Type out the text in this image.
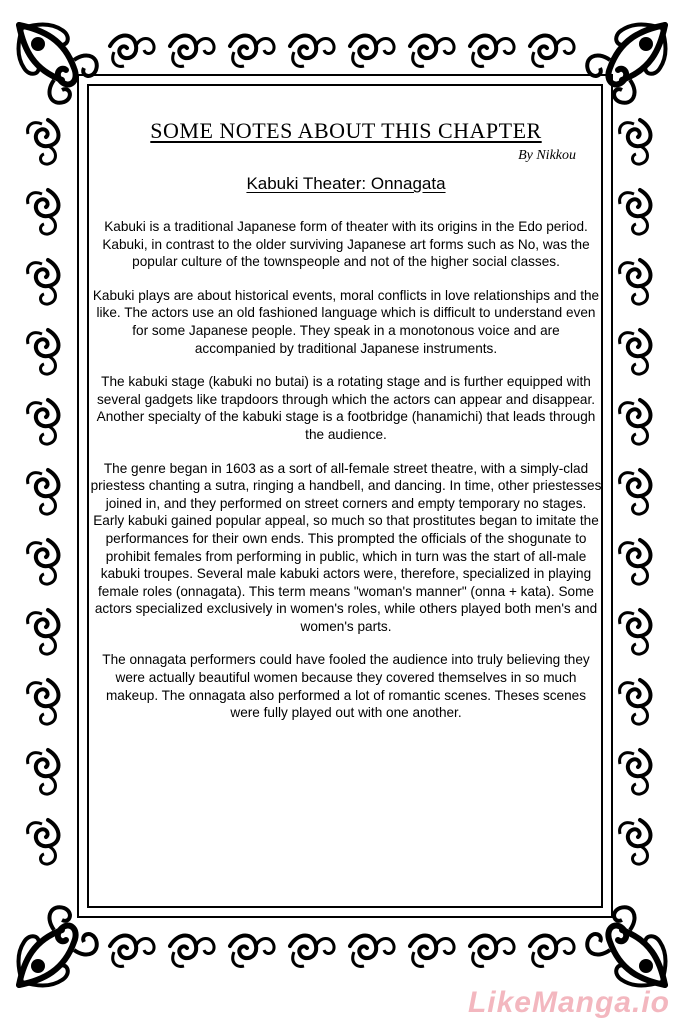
SOME NOTES ABOUT THIS CHAPTER
By Nikkou
Kabuki Theater: Onnagata

Kabuki is a traditional Japanese form of theater with its origins in the Edo period. Kabuki, in contrast to the older surviving Japanese art forms such as No, was the popular culture of the townspeople and not of the higher social classes.

Kabuki plays are about historical events, moral conflicts in love relationships and the like. The actors use an old fashioned language which is difficult to understand even for some Japanese people. They speak in a monotonous voice and are accompanied by traditional Japanese instruments.

The kabuki stage (kabuki no butai) is a rotating stage and is further equipped with several gadgets like trapdoors through which the actors can appear and disappear. Another specialty of the kabuki stage is a footbridge (hanamichi) that leads through the audience.

The genre began in 1603 as a sort of all-female street theatre, with a simply-clad priestess chanting a sutra, ringing a handbell, and dancing. In time, other priestesses joined in, and they performed on street corners and empty temporary no stages. Early kabuki gained popular appeal, so much so that prostitutes began to imitate the performances for their own ends. This prompted the officials of the shogunate to prohibit females from performing in public, which in turn was the start of all-male kabuki troupes. Several male kabuki actors were, therefore, specialized in playing female roles (onnagata). This term means "woman's manner" (onna + kata). Some actors specialized exclusively in women's roles, while others played both men's and women's parts.

The onnagata performers could have fooled the audience into truly believing they were actually beautiful women because they covered themselves in so much makeup. The onnagata also performed a lot of romantic scenes. Theses scenes were fully played out with one another.

LikeManga.io
